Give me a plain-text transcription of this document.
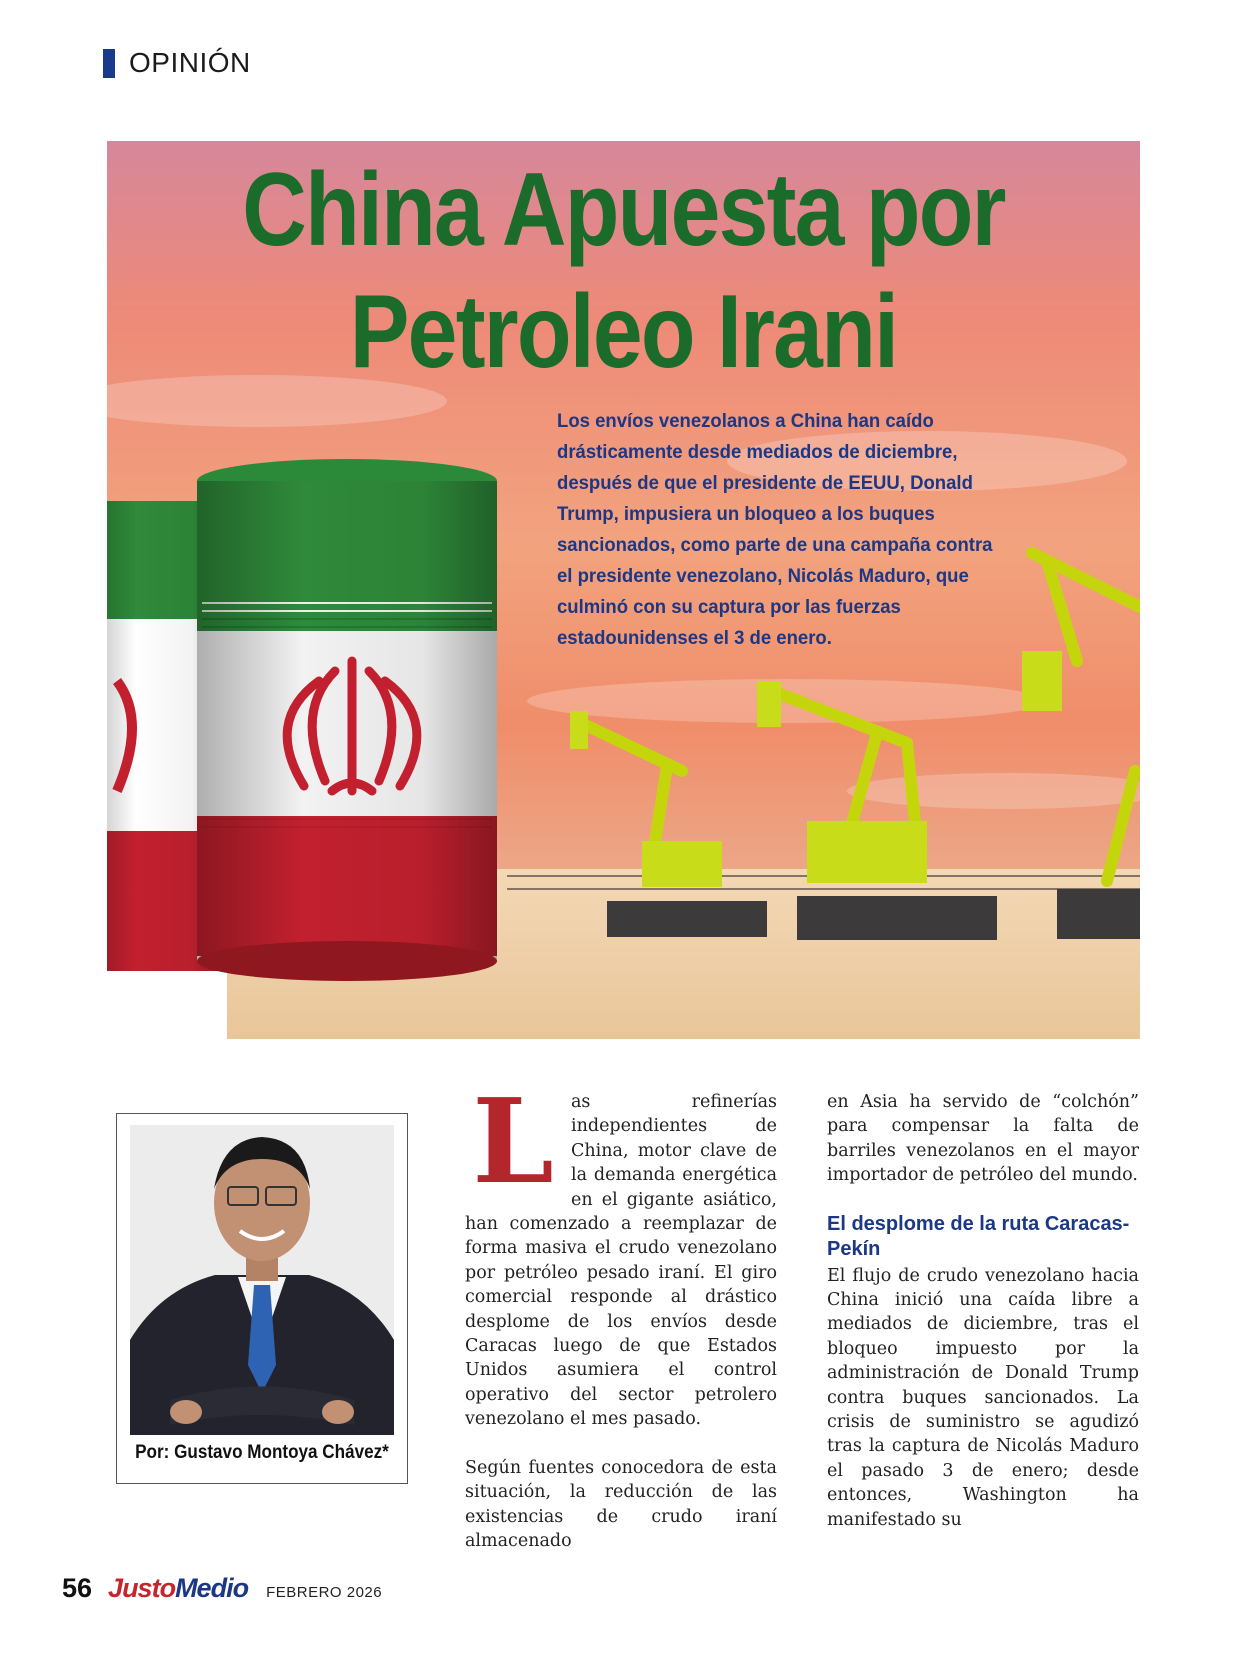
OPINIÓN
China Apuesta por
Petroleo Irani

Los envíos venezolanos a China han caído drásticamente desde mediados de diciembre, después de que el presidente de EEUU, Donald Trump, impusiera un bloqueo a los buques sancionados, como parte de una campaña contra el presidente venezolano, Nicolás Maduro, que culminó con su captura por las fuerzas estadounidenses el 3 de enero.

Por: Gustavo Montoya Chávez*

Las refinerías independientes de China, motor clave de la demanda energética en el gigante asiático, han comenzado a reemplazar de forma masiva el crudo venezolano por petróleo pesado iraní. El giro comercial responde al drástico desplome de los envíos desde Caracas luego de que Estados Unidos asumiera el control operativo del sector petrolero venezolano el mes pasado.

Según fuentes conocedora de esta situación, la reducción de las existencias de crudo iraní almacenado

en Asia ha servido de “colchón” para compensar la falta de barriles venezolanos en el mayor importador de petróleo del mundo.

El desplome de la ruta Caracas-Pekín

El flujo de crudo venezolano hacia China inició una caída libre a mediados de diciembre, tras el bloqueo impuesto por la administración de Donald Trump contra buques sancionados. La crisis de suministro se agudizó tras la captura de Nicolás Maduro el pasado 3 de enero; desde entonces, Washington ha manifestado su

56 JustoMedio FEBRERO 2026
